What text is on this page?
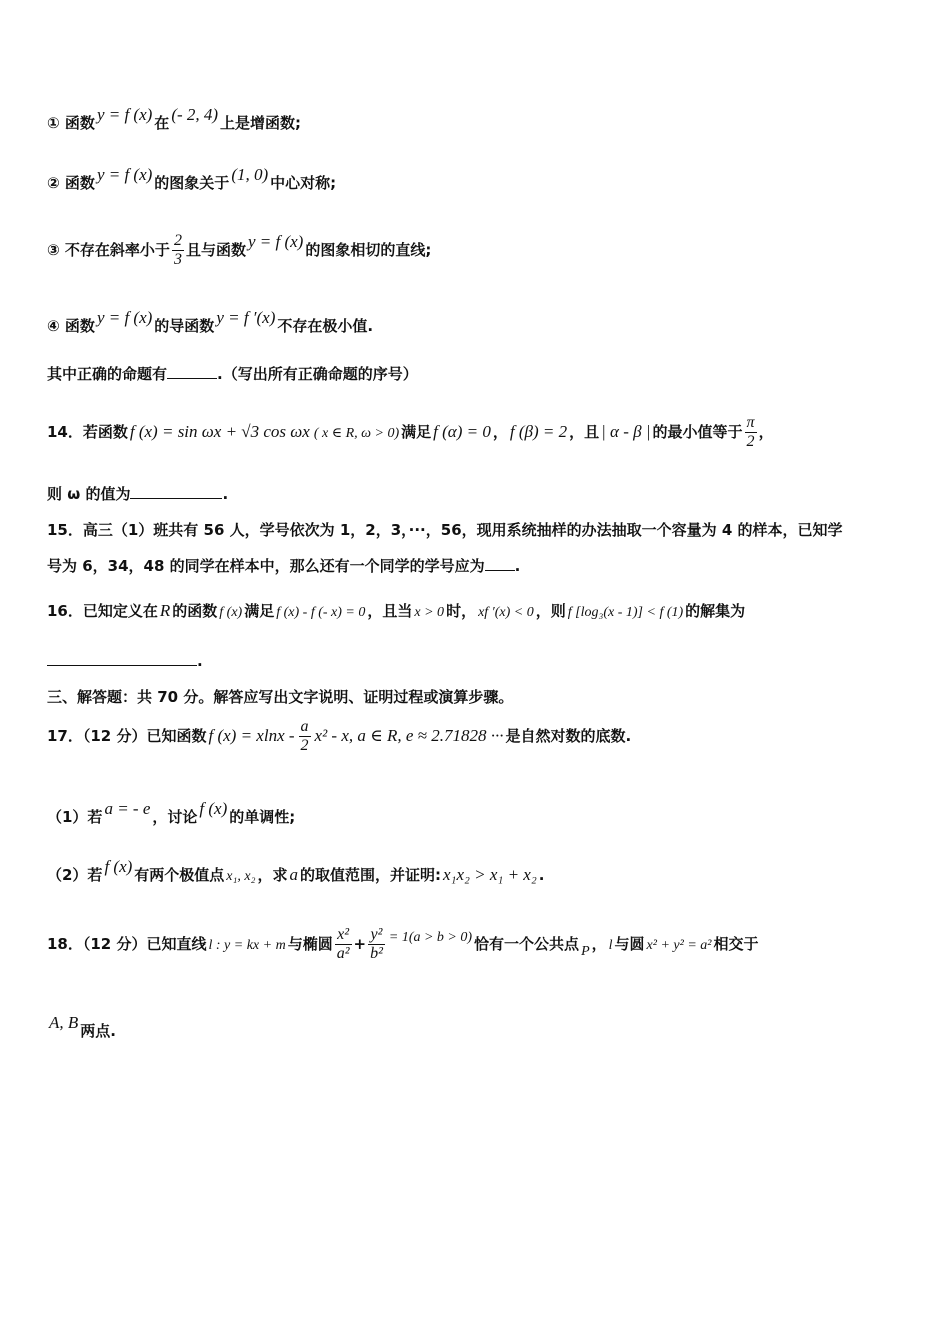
① 函数 y = f (x) 在 (- 2, 4) 上是增函数;
② 函数 y = f (x) 的图象关于 (1, 0) 中心对称;
③ 不存在斜率小于 $\frac{2}{3}$ 且与函数 y = f (x) 的图象相切的直线;
④ 函数 y = f (x) 的导函数 y = f ′(x) 不存在极小值.
其中正确的命题有	.（写出所有正确命题的序号）
14．若函数 f (x) = sin ωx + √3 cos ωx ( x ∈ R, ω > 0) 满足 f (α) = 0 ， f (β) = 2 ，且 | α - β | 的最小值等于 $\frac{\pi}{2}$ ，
则 ω 的值为	.
15．高三（1）班共有 56 人，学号依次为 1，2，3，···，56，现用系统抽样的办法抽取一个容量为 4 的样本，已知学
号为 6，34，48 的同学在样本中，那么还有一个同学的学号应为 .
16．已知定义在 R 的函数 f (x) 满足 f (x) - f (- x) = 0 ，且当 x > 0 时， xf ′(x) < 0 ，则 f [log₃(x - 1)] < f (1) 的解集为
.
三、解答题：共 70 分。解答应写出文字说明、证明过程或演算步骤。
17．（12 分）已知函数 f $(x) = xlnx - \frac{a}{2} x^2 - x$, a ∈ R, e ≈ 2.71828 ··· 是自然对数的底数.
（1）若 a = - e ，讨论 f (x) 的单调性;
（2）若 f (x) 有两个极值点 x₁, x₂ ，求 a 的取值范围，并证明: x₁x₂ > x₁ + x₂ .
18．（12 分）已知直线 l : y = kx + m 与椭圆 $\frac{\text{x²}}{\text{a²}} + \frac{\text{y²}}{\text{b²}} = 1(a > b > 0)$ 恰有一个公共点 P ， l 与圆 x² + y² = a² 相交于
A, B 两点.
